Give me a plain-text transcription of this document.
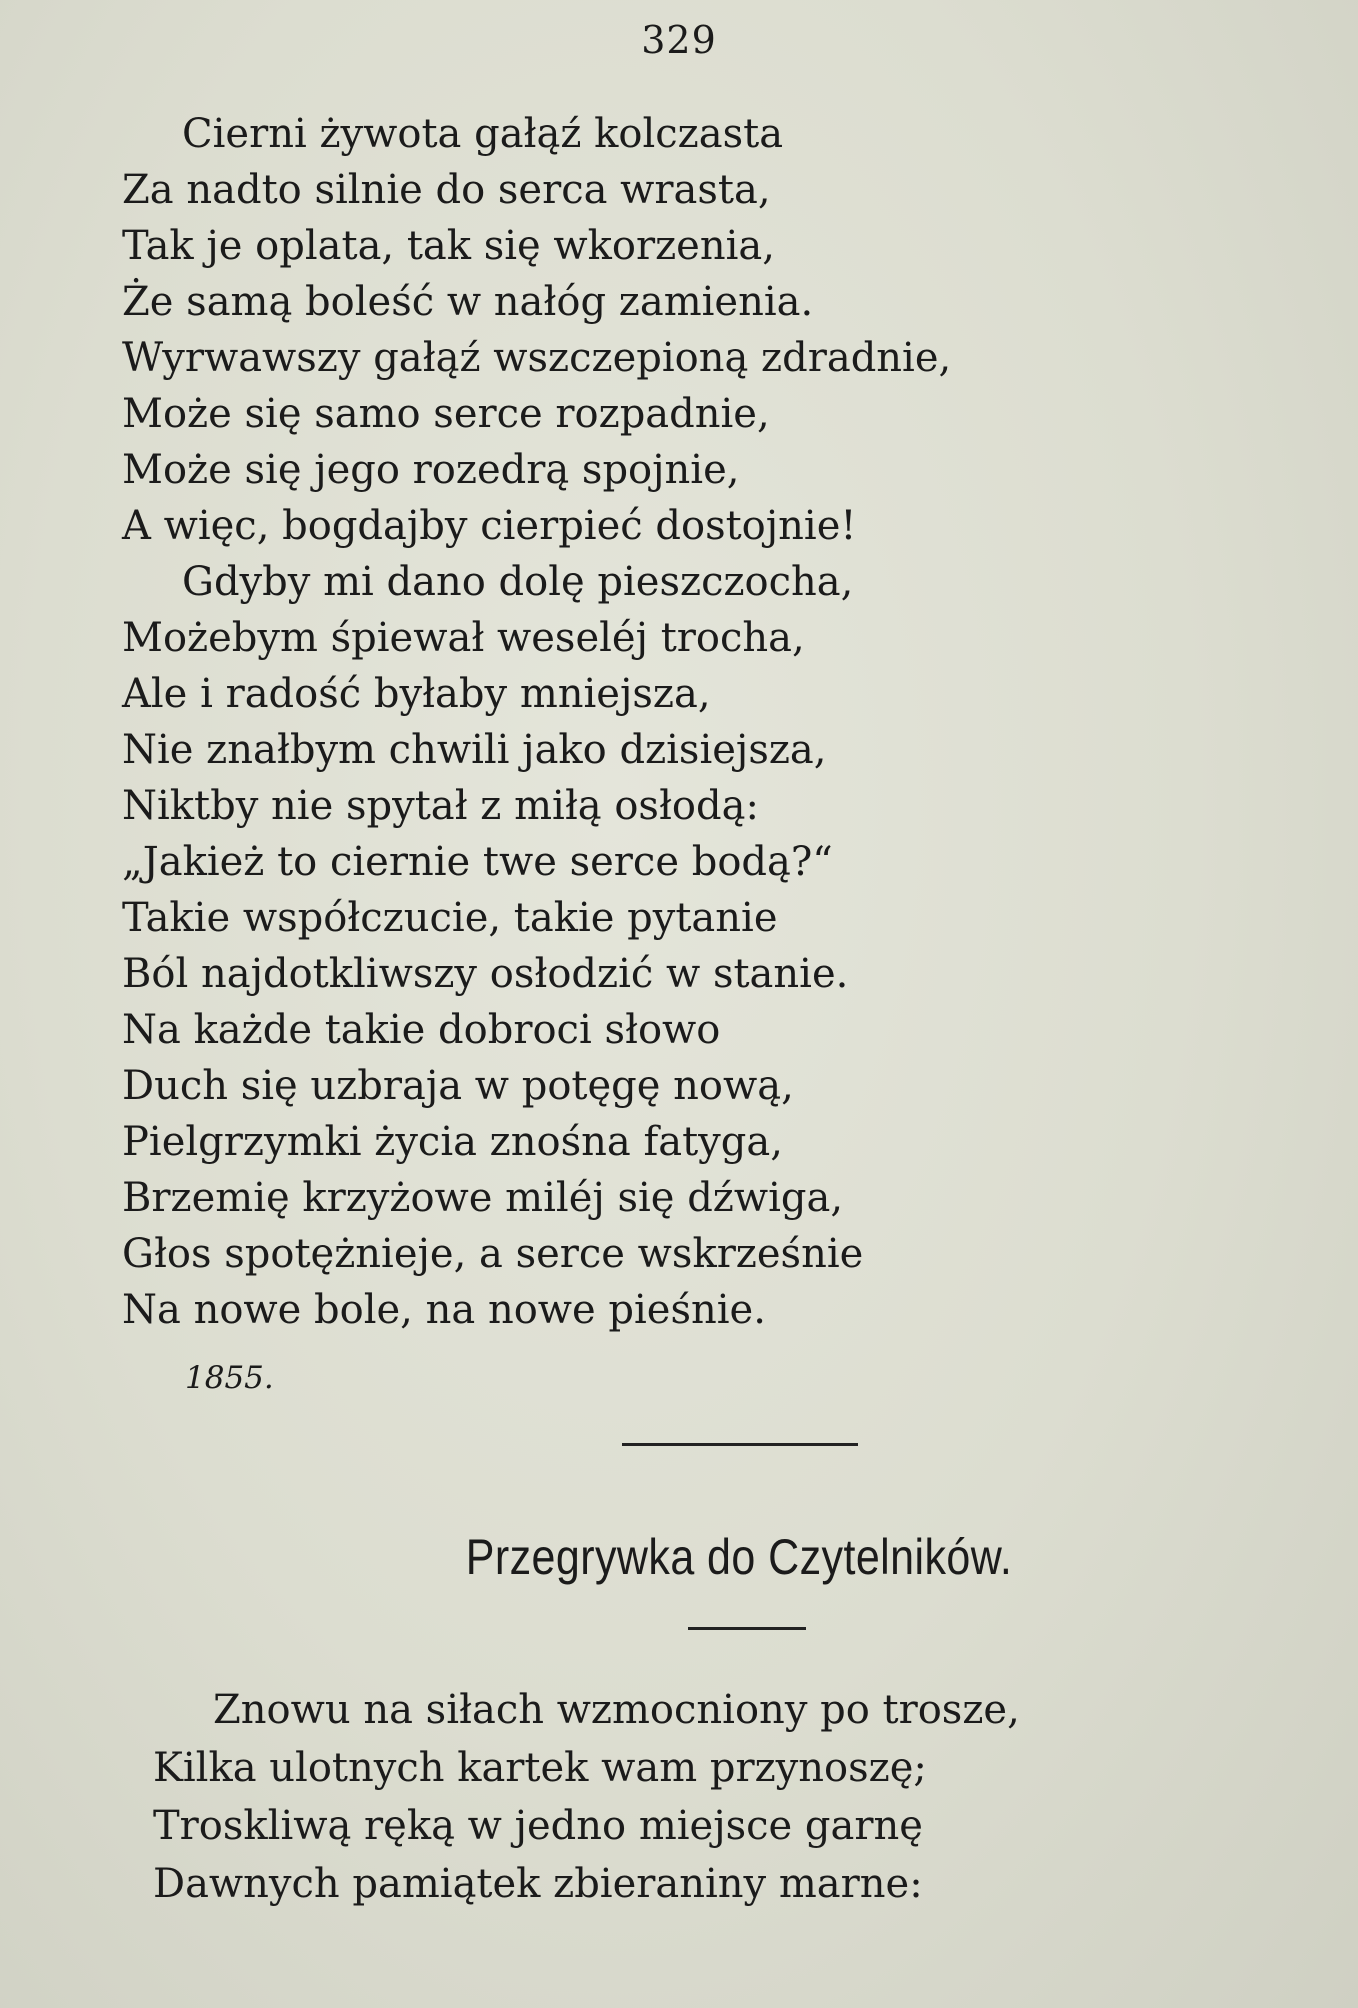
329
Cierni żywota gałąź kolczasta
Za nadto silnie do serca wrasta,
Tak je oplata, tak się wkorzenia,
Że samą boleść w nałóg zamienia.
Wyrwawszy gałąź wszczepioną zdradnie,
Może się samo serce rozpadnie,
Może się jego rozedrą spojnie,
A więc, bogdajby cierpieć dostojnie!
Gdyby mi dano dolę pieszczocha,
Możebym śpiewał weseléj trocha,
Ale i radość byłaby mniejsza,
Nie znałbym chwili jako dzisiejsza,
Niktby nie spytał z miłą osłodą:
„Jakież to ciernie twe serce bodą?“
Takie współczucie, takie pytanie
Ból najdotkliwszy osłodzić w stanie.
Na każde takie dobroci słowo
Duch się uzbraja w potęgę nową,
Pielgrzymki życia znośna fatyga,
Brzemię krzyżowe miléj się dźwiga,
Głos spotężnieje, a serce wskrześnie
Na nowe bole, na nowe pieśnie.
1855.
Przegrywka do Czytelników.
Znowu na siłach wzmocniony po trosze,
Kilka ulotnych kartek wam przynoszę;
Troskliwą ręką w jedno miejsce garnę
Dawnych pamiątek zbieraniny marne:
